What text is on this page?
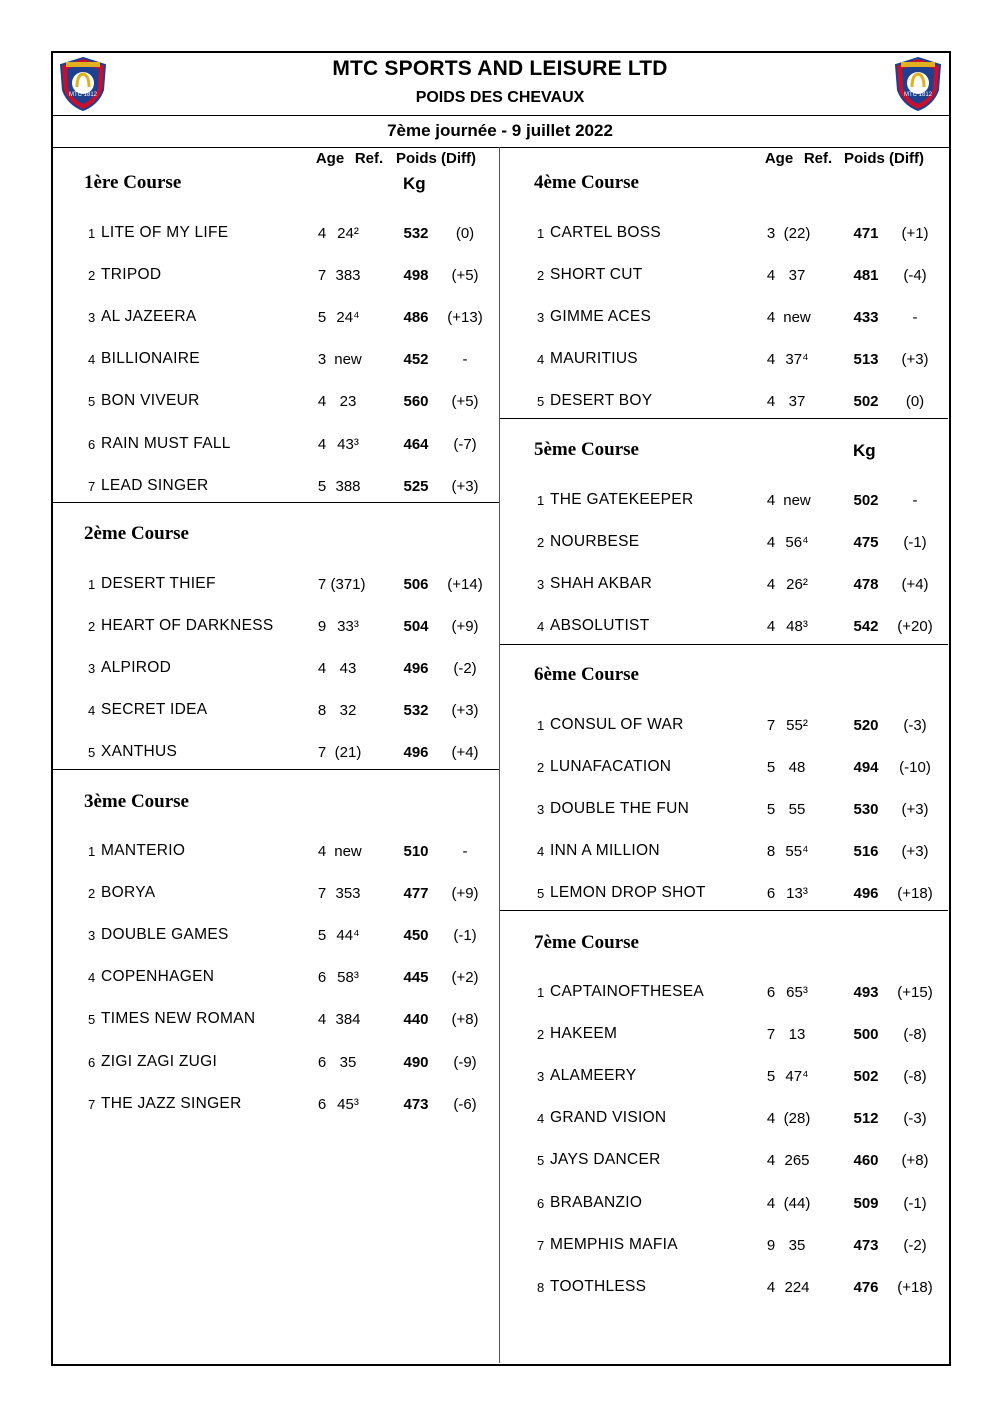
MTC 1812	MTC 1812
MTC SPORTS AND LEISURE LTD
POIDS DES CHEVAUX
7ème journée - 9 juillet 2022
Age Ref. Poids (Diff)
Kg
Age Ref. Poids (Diff)
1ère Course
1 LITE OF MY LIFE	4 24²	532	(0)
2 TRIPOD	7 383	498	(+5)
3 AL JAZEERA	5 24⁴	486	(+13)
4 BILLIONAIRE	3 new	452	-
5 BON VIVEUR	4 23	560	(+5)
6 RAIN MUST FALL	4 43³	464	(-7)
7 LEAD SINGER	5 388	525	(+3)
2ème Course
1 DESERT THIEF	7 (371)	506	(+14)
2 HEART OF DARKNESS	9 33³	504	(+9)
3 ALPIROD	4 43	496	(-2)
4 SECRET IDEA	8 32	532	(+3)
5 XANTHUS	7 (21)	496	(+4)
3ème Course
1 MANTERIO	4 new	510	-
2 BORYA	7 353	477	(+9)
3 DOUBLE GAMES	5 44⁴	450	(-1)
4 COPENHAGEN	6 58³	445	(+2)
5 TIMES NEW ROMAN	4 384	440	(+8)
6 ZIGI ZAGI ZUGI	6 35	490	(-9)
7 THE JAZZ SINGER	6 45³	473	(-6)
4ème Course
1 CARTEL BOSS	3 (22)	471	(+1)
2 SHORT CUT	4 37	481	(-4)
3 GIMME ACES	4 new	433	-
4 MAURITIUS	4 37⁴	513	(+3)
5 DESERT BOY	4 37	502	(0)
5ème Course	Kg
1 THE GATEKEEPER	4 new	502	-
2 NOURBESE	4 56⁴	475	(-1)
3 SHAH AKBAR	4 26²	478	(+4)
4 ABSOLUTIST	4 48³	542	(+20)
6ème Course
1 CONSUL OF WAR	7 55²	520	(-3)
2 LUNAFACATION	5 48	494	(-10)
3 DOUBLE THE FUN	5 55	530	(+3)
4 INN A MILLION	8 55⁴	516	(+3)
5 LEMON DROP SHOT	6 13³	496	(+18)
7ème Course
1 CAPTAINOFTHESEA	6 65³	493	(+15)
2 HAKEEM	7 13	500	(-8)
3 ALAMEERY	5 47⁴	502	(-8)
4 GRAND VISION	4 (28)	512	(-3)
5 JAYS DANCER	4 265	460	(+8)
6 BRABANZIO	4 (44)	509	(-1)
7 MEMPHIS MAFIA	9 35	473	(-2)
8 TOOTHLESS	4 224	476	(+18)
